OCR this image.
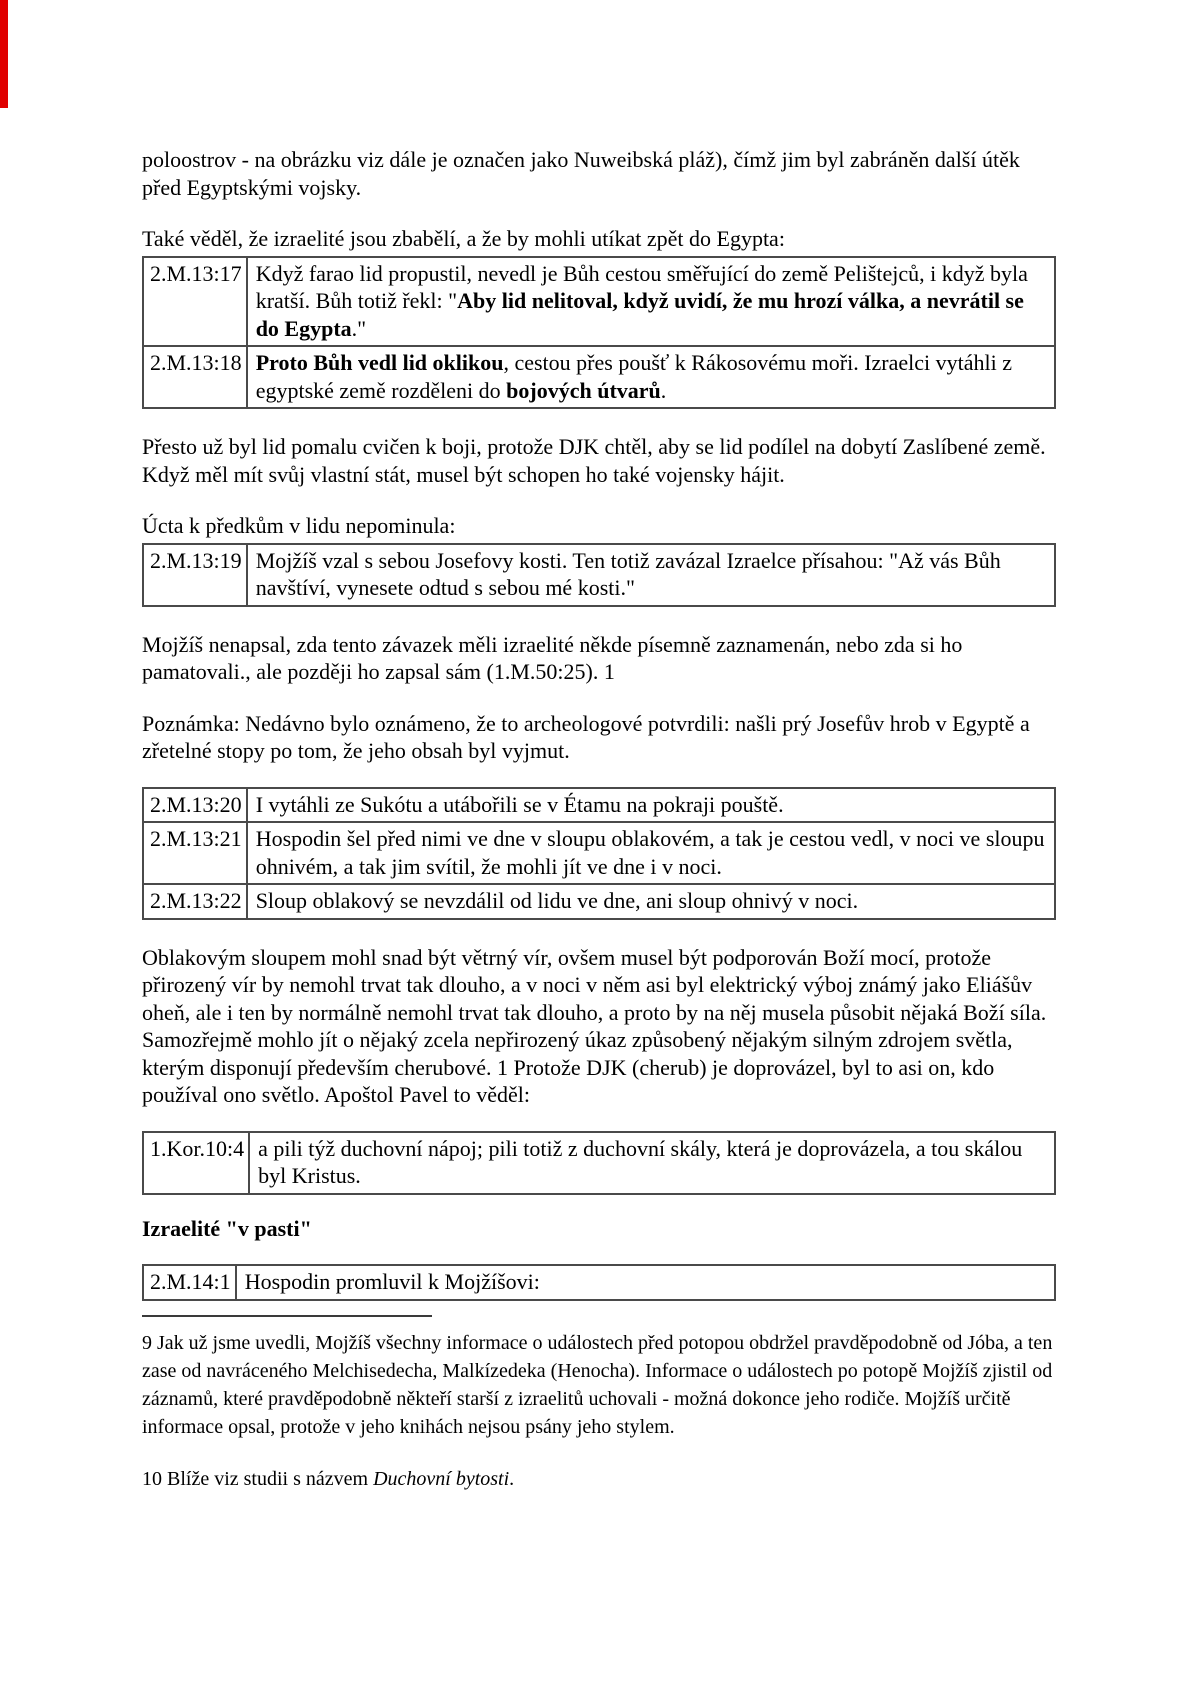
poloostrov - na obrázku viz dále je označen jako Nuweibská pláž), čímž jim byl zabráněn další útěk před Egyptskými vojsky.
Také věděl, že izraelité jsou zbabělí, a že by mohli utíkat zpět do Egypta:
2.M.13:17	Když farao lid propustil, nevedl je Bůh cestou směřující do země Pelištejců, i když byla kratší. Bůh totiž řekl: "Aby lid nelitoval, když uvidí, že mu hrozí válka, a nevrátil se do Egypta."
2.M.13:18	Proto Bůh vedl lid oklikou, cestou přes poušť k Rákosovému moři. Izraelci vytáhli z egyptské země rozděleni do bojových útvarů.
Přesto už byl lid pomalu cvičen k boji, protože DJK chtěl, aby se lid podílel na dobytí Zaslíbené země. Když měl mít svůj vlastní stát, musel být schopen ho také vojensky hájit.
Úcta k předkům v lidu nepominula:
2.M.13:19	Mojžíš vzal s sebou Josefovy kosti. Ten totiž zavázal Izraelce přísahou: "Až vás Bůh navštíví, vynesete odtud s sebou mé kosti."
Mojžíš nenapsal, zda tento závazek měli izraelité někde písemně zaznamenán, nebo zda si ho pamatovali., ale později ho zapsal sám (1.M.50:25). 1
Poznámka: Nedávno bylo oznámeno, že to archeologové potvrdili: našli prý Josefův hrob v Egyptě a zřetelné stopy po tom, že jeho obsah byl vyjmut.
2.M.13:20	I vytáhli ze Sukótu a utábořili se v Étamu na pokraji pouště.
2.M.13:21	Hospodin šel před nimi ve dne v sloupu oblakovém, a tak je cestou vedl, v noci ve sloupu ohnivém, a tak jim svítil, že mohli jít ve dne i v noci.
2.M.13:22	Sloup oblakový se nevzdálil od lidu ve dne, ani sloup ohnivý v noci.
Oblakovým sloupem mohl snad být větrný vír, ovšem musel být podporován Boží mocí, protože přirozený vír by nemohl trvat tak dlouho, a v noci v něm asi byl elektrický výboj známý jako Eliášův oheň, ale i ten by normálně nemohl trvat tak dlouho, a proto by na něj musela působit nějaká Boží síla. Samozřejmě mohlo jít o nějaký zcela nepřirozený úkaz způsobený nějakým silným zdrojem světla, kterým disponují především cherubové. 1 Protože DJK (cherub) je doprovázel, byl to asi on, kdo používal ono světlo. Apoštol Pavel to věděl:
1.Kor.10:4	a pili týž duchovní nápoj; pili totiž z duchovní skály, která je doprovázela, a tou skálou byl Kristus.
Izraelité "v pasti"
2.M.14:1	Hospodin promluvil k Mojžíšovi:
9 Jak už jsme uvedli, Mojžíš všechny informace o událostech před potopou obdržel pravděpodobně od Jóba, a ten zase od navráceného Melchisedecha, Malkízedeka (Henocha). Informace o událostech po potopě Mojžíš zjistil od záznamů, které pravděpodobně někteří starší z izraelitů uchovali - možná dokonce jeho rodiče. Mojžíš určitě informace opsal, protože v jeho knihách nejsou psány jeho stylem.
10 Blíže viz studii s názvem Duchovní bytosti.
